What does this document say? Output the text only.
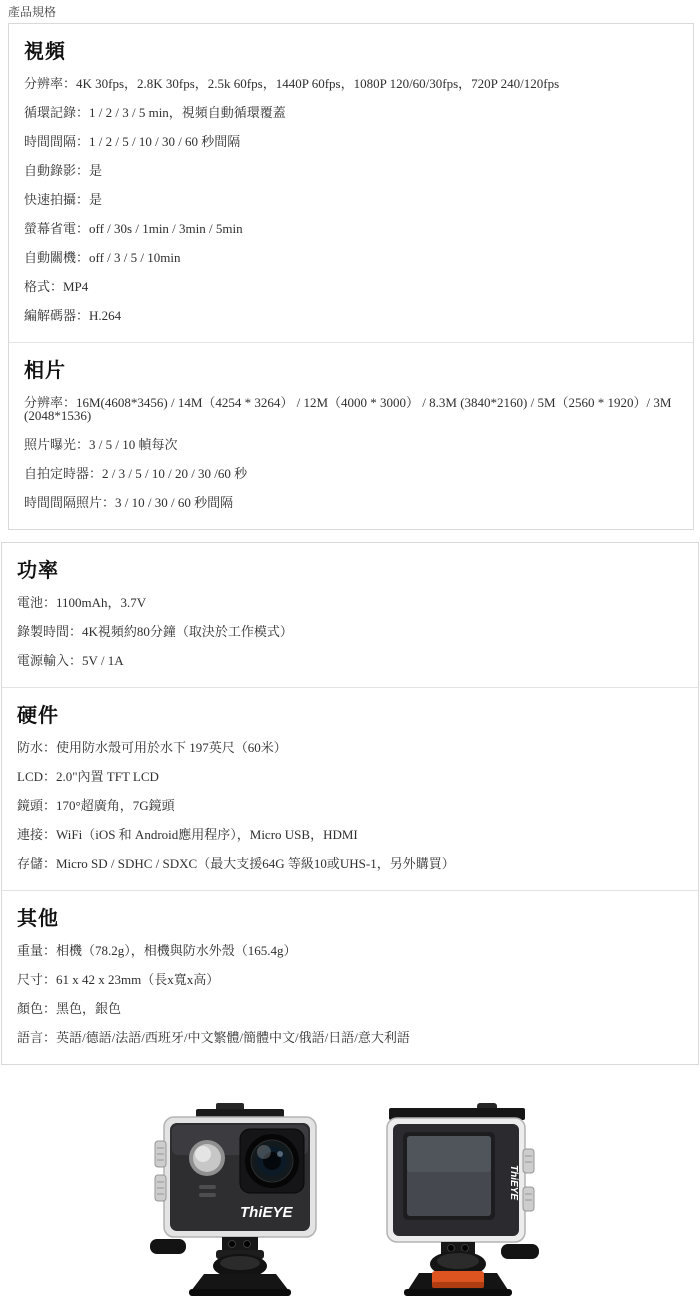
產品規格
視頻

分辨率：4K 30fps，2.8K 30fps，2.5k 60fps，1440P 60fps，1080P 120/60/30fps，720P 240/120fps

循環記錄：1 / 2 / 3 / 5 min，視頻自動循環覆蓋

時間間隔：1 / 2 / 5 / 10 / 30 / 60 秒間隔

自動錄影：是

快速拍攝：是

螢幕省電：off / 30s / 1min / 3min / 5min

自動關機：off / 3 / 5 / 10min

格式：MP4

編解碼器：H.264

相片

分辨率：16M(4608*3456) / 14M（4254 * 3264） / 12M（4000 * 3000） / 8.3M (3840*2160) / 5M（2560 * 1920）/ 3M (2048*1536)

照片曝光：3 / 5 / 10 幀每次

自拍定時器：2 / 3 / 5 / 10 / 20 / 30 /60 秒

時間間隔照片：3 / 10 / 30 / 60 秒間隔

功率

電池：1100mAh，3.7V

錄製時間：4K視頻約80分鐘（取決於工作模式）

電源輸入：5V / 1A

硬件

防水：使用防水殼可用於水下 197英尺（60米）

LCD：2.0"內置 TFT LCD

鏡頭：170°超廣角，7G鏡頭

連接：WiFi（iOS 和 Android應用程序），Micro USB，HDMI

存儲：Micro SD / SDHC / SDXC（最大支援64G 等級10或UHS-1，另外購買）

其他

重量：相機（78.2g），相機與防水外殼（165.4g）

尺寸：61 x 42 x 23mm（長x寬x高）

顏色：黑色，銀色

語言：英語/德語/法語/西班牙/中文繁體/簡體中文/俄語/日語/意大利語

ThiEYE
ThiEYE
